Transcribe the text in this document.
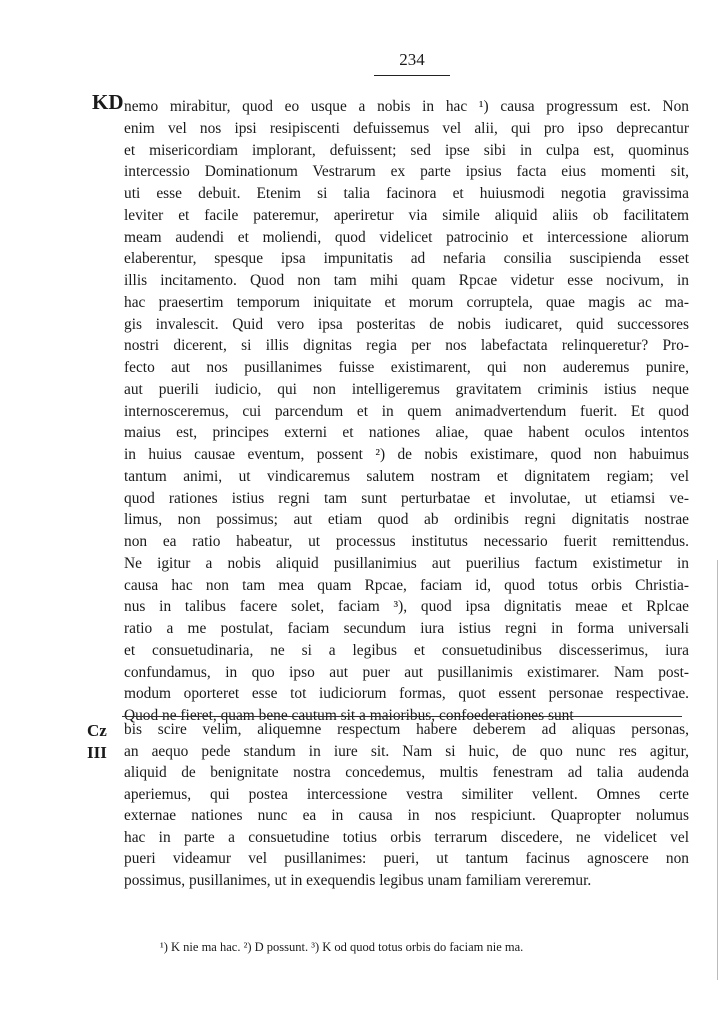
234
KD nemo mirabitur, quod eo usque a nobis in hac ¹) causa progressum est. Non
enim vel nos ipsi resipiscenti defuissemus vel alii, qui pro ipso deprecantur
et misericordiam implorant, defuissent; sed ipse sibi in culpa est, quominus
intercessio Dominationum Vestrarum ex parte ipsius facta eius momenti sit,
uti esse debuit. Etenim si talia facinora et huiusmodi negotia gravissima
leviter et facile pateremur, aperiretur via simile aliquid aliis ob facilitatem
meam audendi et moliendi, quod videlicet patrocinio et intercessione aliorum
elaberentur, spesque ipsa impunitatis ad nefaria consilia suscipienda esset
illis incitamento. Quod non tam mihi quam Rpcae videtur esse nocivum, in
hac praesertim temporum iniquitate et morum corruptela, quae magis ac ma-
gis invalescit. Quid vero ipsa posteritas de nobis iudicaret, quid successores
nostri dicerent, si illis dignitas regia per nos labefactata relinqueretur? Pro-
fecto aut nos pusillanimes fuisse existimarent, qui non auderemus punire,
aut puerili iudicio, qui non intelligeremus gravitatem criminis istius neque
internosceremus, cui parcendum et in quem animadvertendum fuerit. Et quod
maius est, principes externi et nationes aliae, quae habent oculos intentos
in huius causae eventum, possent ²) de nobis existimare, quod non habuimus
tantum animi, ut vindicaremus salutem nostram et dignitatem regiam; vel
quod rationes istius regni tam sunt perturbatae et involutae, ut etiamsi ve-
limus, non possimus; aut etiam quod ab ordinibis regni dignitatis nostrae
non ea ratio habeatur, ut processus institutus necessario fuerit remittendus.
Ne igitur a nobis aliquid pusillanimius aut puerilius factum existimetur in
causa hac non tam mea quam Rpcae, faciam id, quod totus orbis Christia-
nus in talibus facere solet, faciam ³), quod ipsa dignitatis meae et Rplcae
ratio a me postulat, faciam secundum iura istius regni in forma universali
et consuetudinaria, ne si a legibus et consuetudinibus discesserimus, iura
confundamus, in quo ipso aut puer aut pusillanimis existimarer. Nam post-
modum oporteret esse tot iudiciorum formas, quot essent personae respectivae.
Quod ne fieret, quam bene cautum sit a maioribus, confoederationes sunt
Cz
III
bis scire velim, aliquemne respectum habere deberem ad aliquas personas,
an aequo pede standum in iure sit. Nam si huic, de quo nunc res agitur,
aliquid de benignitate nostra concedemus, multis fenestram ad talia audenda
aperiemus, qui postea intercessione vestra similiter vellent. Omnes certe
externae nationes nunc ea in causa in nos respiciunt. Quapropter nolumus
hac in parte a consuetudine totius orbis terrarum discedere, ne videlicet vel
pueri videamur vel pusillanimes: pueri, ut tantum facinus agnoscere non
possimus, pusillanimes, ut in exequendis legibus unam familiam vereremur.
¹) K nie ma hac. ²) D possunt. ³) K od quod totus orbis do faciam nie ma.
